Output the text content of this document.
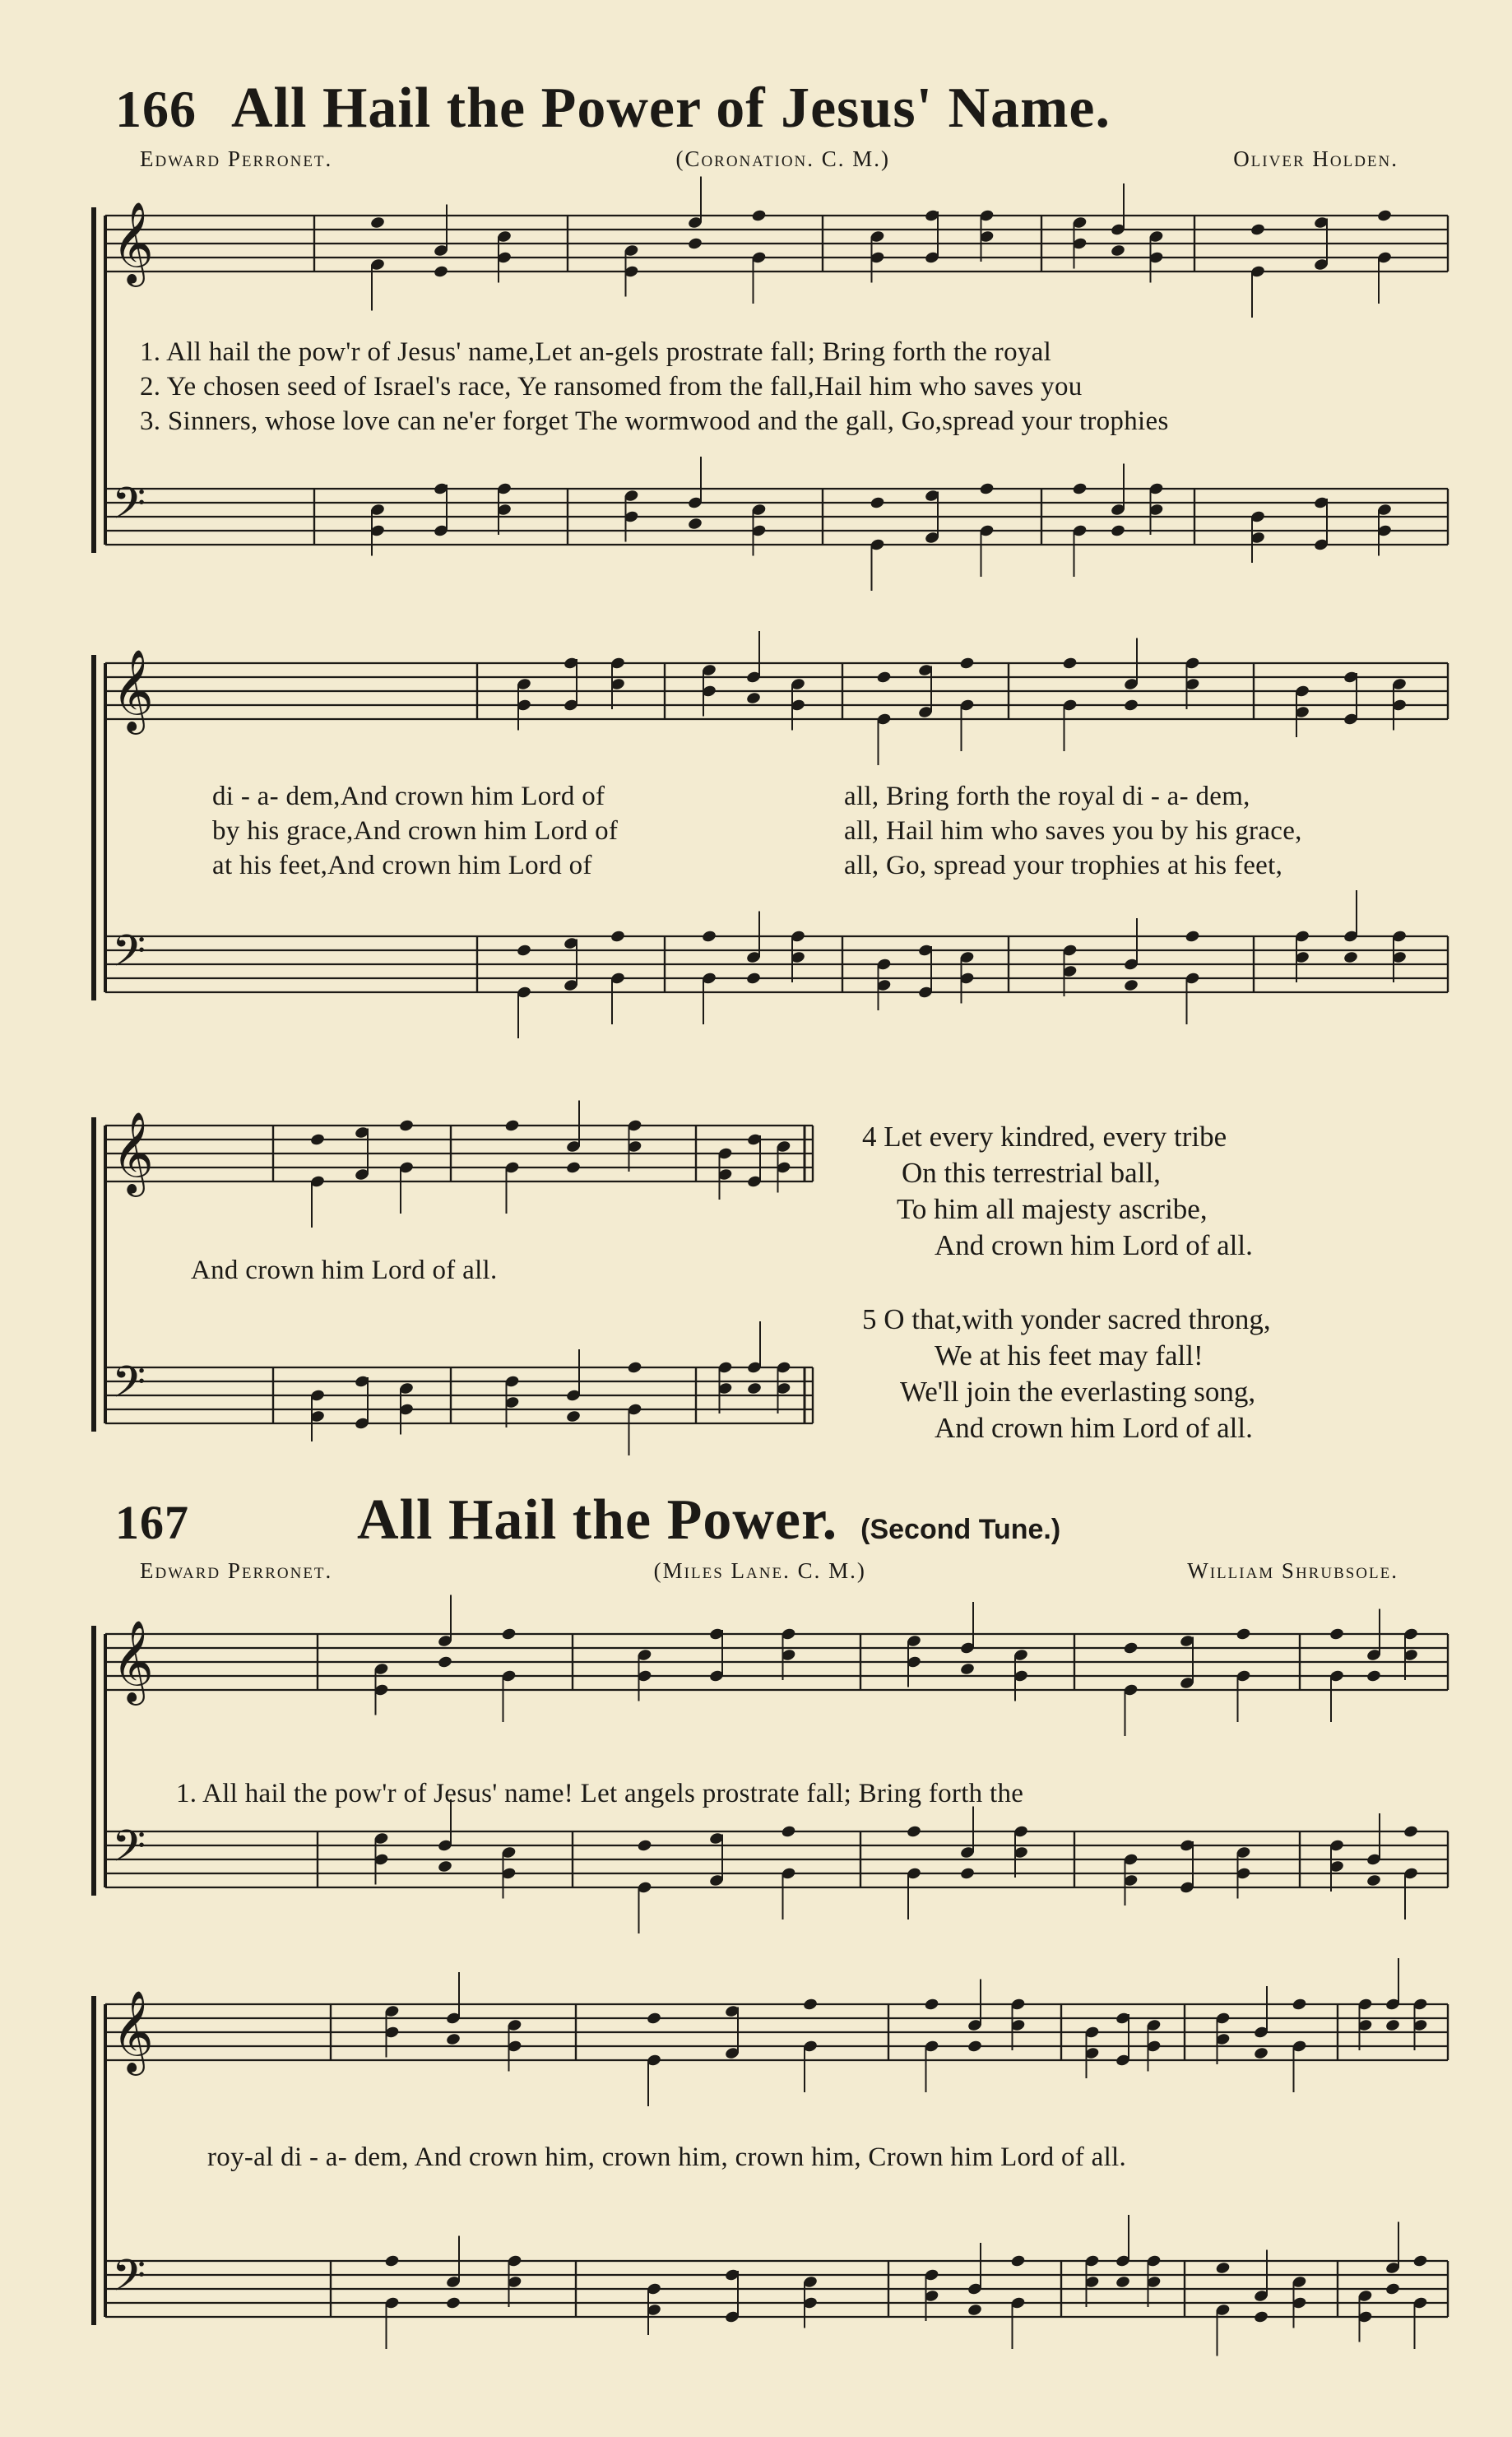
166 All Hail the Power of Jesus' Name.
Edward Perronet.	(Coronation. C. M.)	Oliver Holden.
𝄞
𝄢
𝄞
𝄢
𝄞
𝄢
𝄞
𝄢
𝄞
𝄢
1. All hail the pow'r of Jesus' name,Let an-gels prostrate fall; Bring forth the royal
2. Ye chosen seed of Israel's race, Ye ransomed from the fall,Hail him who saves you
3. Sinners, whose love can ne'er forget The wormwood and the gall, Go,spread your trophies
di - a- dem,And crown him Lord of
by his grace,And crown him Lord of
at his feet,And crown him Lord of
all, Bring forth the royal di - a- dem,
all, Hail him who saves you by his grace,
all, Go, spread your trophies at his feet,
And crown him Lord of all.
4 Let every kindred, every tribe
On this terrestrial ball,
To him all majesty ascribe,
And crown him Lord of all.
5 O that,with yonder sacred throng,
We at his feet may fall!
We'll join the everlasting song,
And crown him Lord of all.
167	All Hail the Power. (Second Tune.)
Edward Perronet.	(Miles Lane. C. M.)	William Shrubsole.
1. All hail the pow'r of Jesus' name! Let angels prostrate fall; Bring forth the
roy-al di - a- dem, And crown him, crown him, crown him, Crown him Lord of all.
